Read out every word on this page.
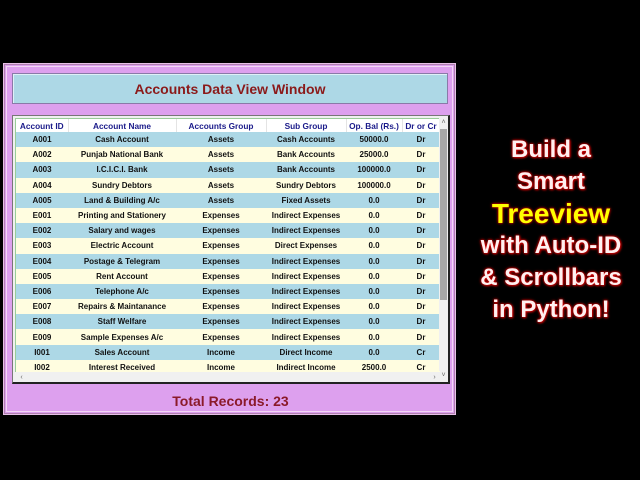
Accounts Data View Window
Account ID	Account Name	Accounts Group	Sub Group	Op. Bal (Rs.)	Dr or Cr
A001	Cash Account	Assets	Cash Accounts	50000.0	Dr
A002	Punjab National Bank	Assets	Bank Accounts	25000.0	Dr
A003	I.C.I.C.I. Bank	Assets	Bank Accounts	100000.0	Dr
A004	Sundry Debtors	Assets	Sundry Debtors	100000.0	Dr
A005	Land & Building A/c	Assets	Fixed Assets	0.0	Dr
E001	Printing and Stationery	Expenses	Indirect Expenses	0.0	Dr
E002	Salary and wages	Expenses	Indirect Expenses	0.0	Dr
E003	Electric Account	Expenses	Direct Expenses	0.0	Dr
E004	Postage & Telegram	Expenses	Indirect Expenses	0.0	Dr
E005	Rent Account	Expenses	Indirect Expenses	0.0	Dr
E006	Telephone A/c	Expenses	Indirect Expenses	0.0	Dr
E007	Repairs & Maintanance	Expenses	Indirect Expenses	0.0	Dr
E008	Staff Welfare	Expenses	Indirect Expenses	0.0	Dr
E009	Sample Expenses A/c	Expenses	Indirect Expenses	0.0	Dr
I001	Sales Account	Income	Direct Income	0.0	Cr
I002	Interest Received	Income	Indirect Income	2500.0	Cr
˄
˅
‹	›
Total Records: 23
Build a
Smart
Treeview
with Auto-ID
& Scrollbars
in Python!
